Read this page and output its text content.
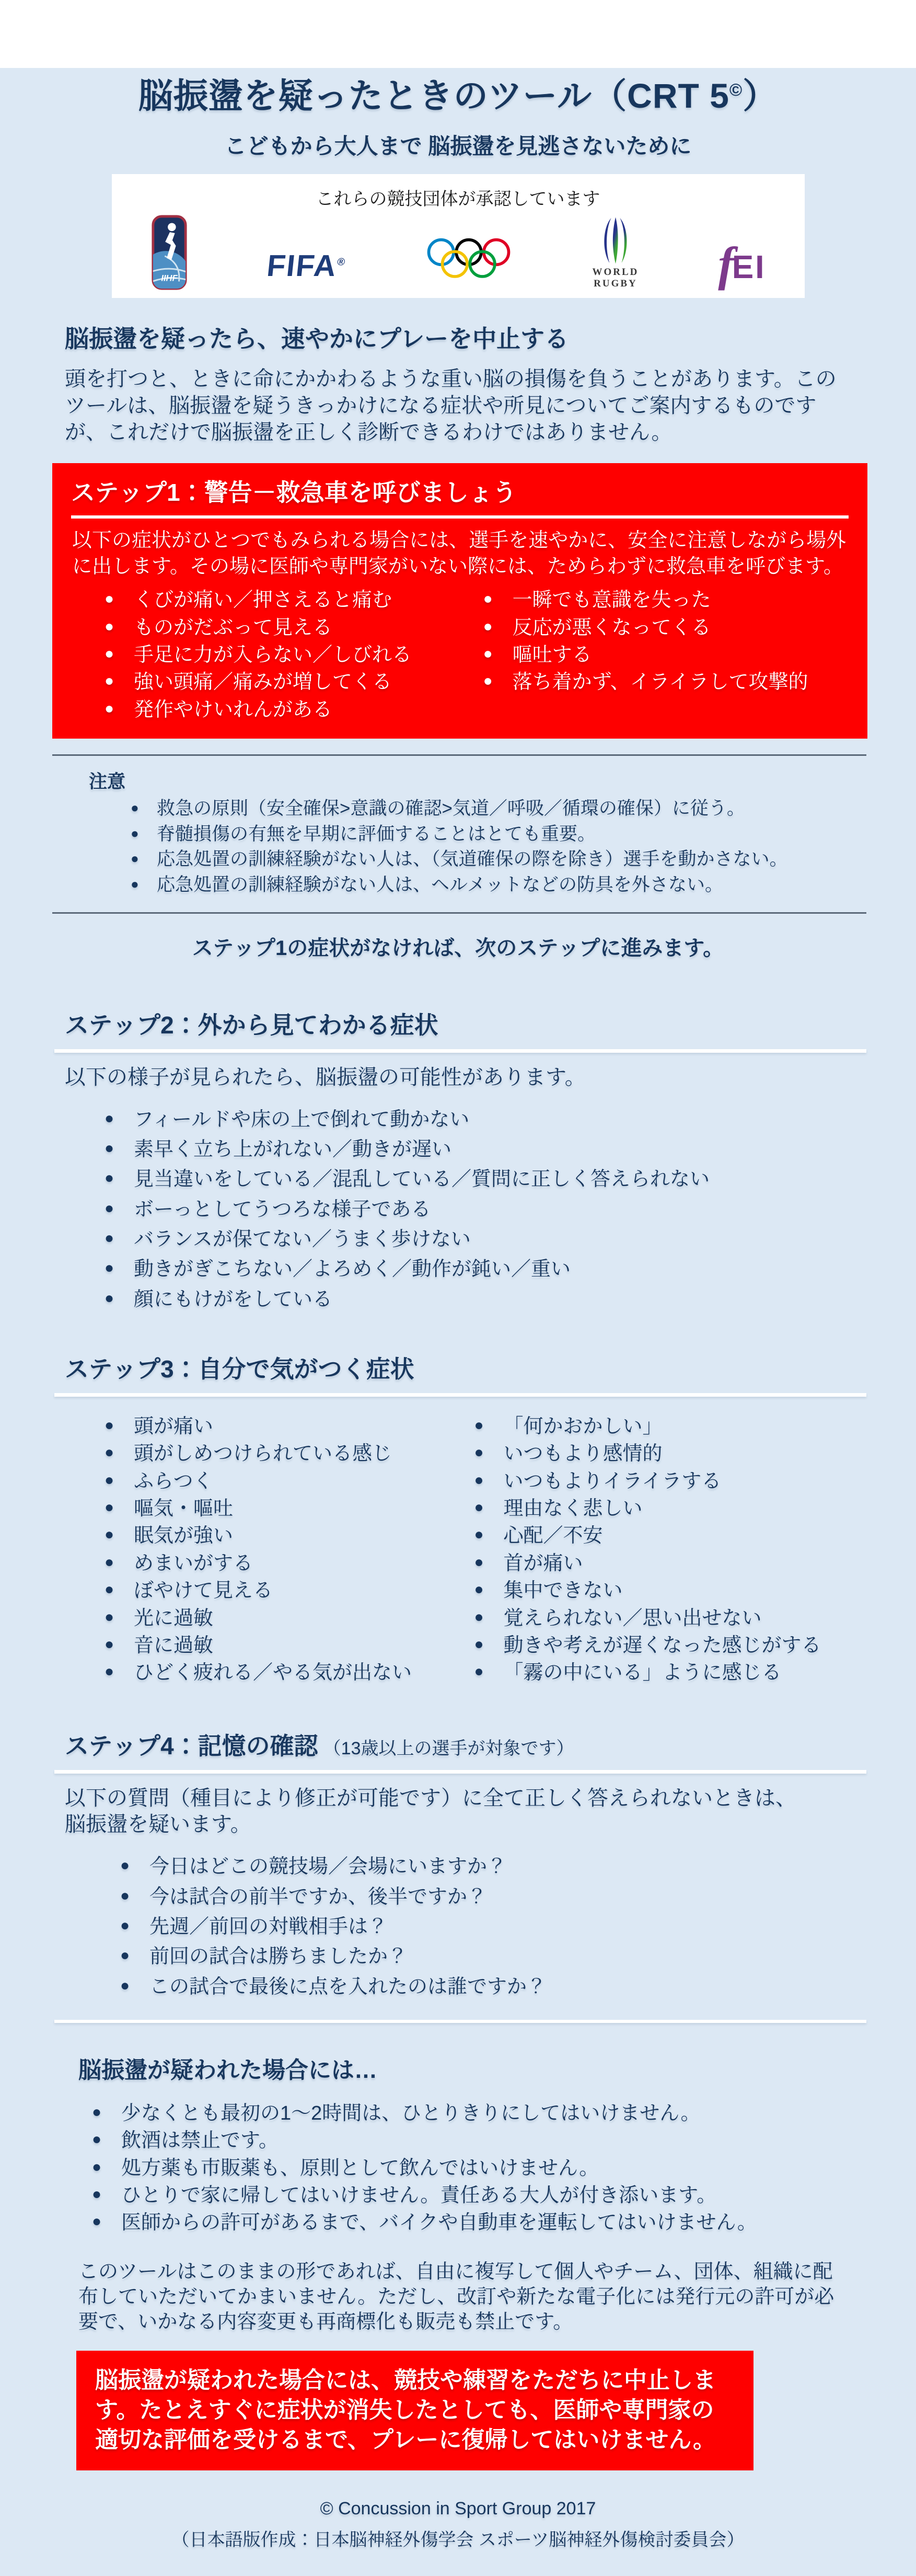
脳振盪を疑ったときのツール（CRT 5©）
こどもから大人まで 脳振盪を見逃さないために
これらの競技団体が承認しています
IIHF	FIFA®
WORLD
RUGBY f
EI
脳振盪を疑ったら、速やかにプレーを中止する

頭を打つと、ときに命にかかわるような重い脳の損傷を負うことがあります。このツールは、脳振盪を疑うきっかけになる症状や所見についてご案内するものですが、これだけで脳振盪を正しく診断できるわけではありません。

ステップ1：警告－救急車を呼びましょう

以下の症状がひとつでもみられる場合には、選手を速やかに、安全に注意しながら場外に出します。その場に医師や専門家がいない際には、ためらわずに救急車を呼びます。

● くびが痛い／押さえると痛む
● ものがだぶって見える
● 手足に力が入らない／しびれる
● 強い頭痛／痛みが増してくる
● 発作やけいれんがある
● 一瞬でも意識を失った
● 反応が悪くなってくる
● 嘔吐する
● 落ち着かず、イライラして攻撃的
注意
● 救急の原則（安全確保>意識の確認>気道／呼吸／循環の確保）に従う。
● 脊髄損傷の有無を早期に評価することはとても重要。
● 応急処置の訓練経験がない人は、（気道確保の際を除き）選手を動かさない。
● 応急処置の訓練経験がない人は、ヘルメットなどの防具を外さない。

ステップ1の症状がなければ、次のステップに進みます。

ステップ2：外から見てわかる症状

以下の様子が見られたら、脳振盪の可能性があります。

● フィールドや床の上で倒れて動かない
● 素早く立ち上がれない／動きが遅い
● 見当違いをしている／混乱している／質問に正しく答えられない
● ボーっとしてうつろな様子である
● バランスが保てない／うまく歩けない
● 動きがぎこちない／よろめく／動作が鈍い／重い
● 顔にもけがをしている
ステップ3：自分で気がつく症状
● 頭が痛い
● 頭がしめつけられている感じ
● ふらつく
● 嘔気・嘔吐
● 眠気が強い
● めまいがする
● ぼやけて見える
● 光に過敏
● 音に過敏
● ひどく疲れる／やる気が出ない
● 「何かおかしい」
● いつもより感情的
● いつもよりイライラする
● 理由なく悲しい
● 心配／不安
● 首が痛い
● 集中できない
● 覚えられない／思い出せない
● 動きや考えが遅くなった感じがする
● 「霧の中にいる」ように感じる
ステップ4：記憶の確認 （13歳以上の選手が対象です）

以下の質問（種目により修正が可能です）に全て正しく答えられないときは、脳振盪を疑います。

● 今日はどこの競技場／会場にいますか？
● 今は試合の前半ですか、後半ですか？
● 先週／前回の対戦相手は？
● 前回の試合は勝ちましたか？
● この試合で最後に点を入れたのは誰ですか？
脳振盪が疑われた場合には…
● 少なくとも最初の1～2時間は、ひとりきりにしてはいけません。
● 飲酒は禁止です。
● 処方薬も市販薬も、原則として飲んではいけません。
● ひとりで家に帰してはいけません。責任ある大人が付き添います。
● 医師からの許可があるまで、バイクや自動車を運転してはいけません。

このツールはこのままの形であれば、自由に複写して個人やチーム、団体、組織に配布していただいてかまいません。ただし、改訂や新たな電子化には発行元の許可が必要で、いかなる内容変更も再商標化も販売も禁止です。

脳振盪が疑われた場合には、競技や練習をただちに中止します。たとえすぐに症状が消失したとしても、医師や専門家の適切な評価を受けるまで、プレーに復帰してはいけません。

© Concussion in Sport Group 2017
（日本語版作成：日本脳神経外傷学会 スポーツ脳神経外傷検討委員会）
